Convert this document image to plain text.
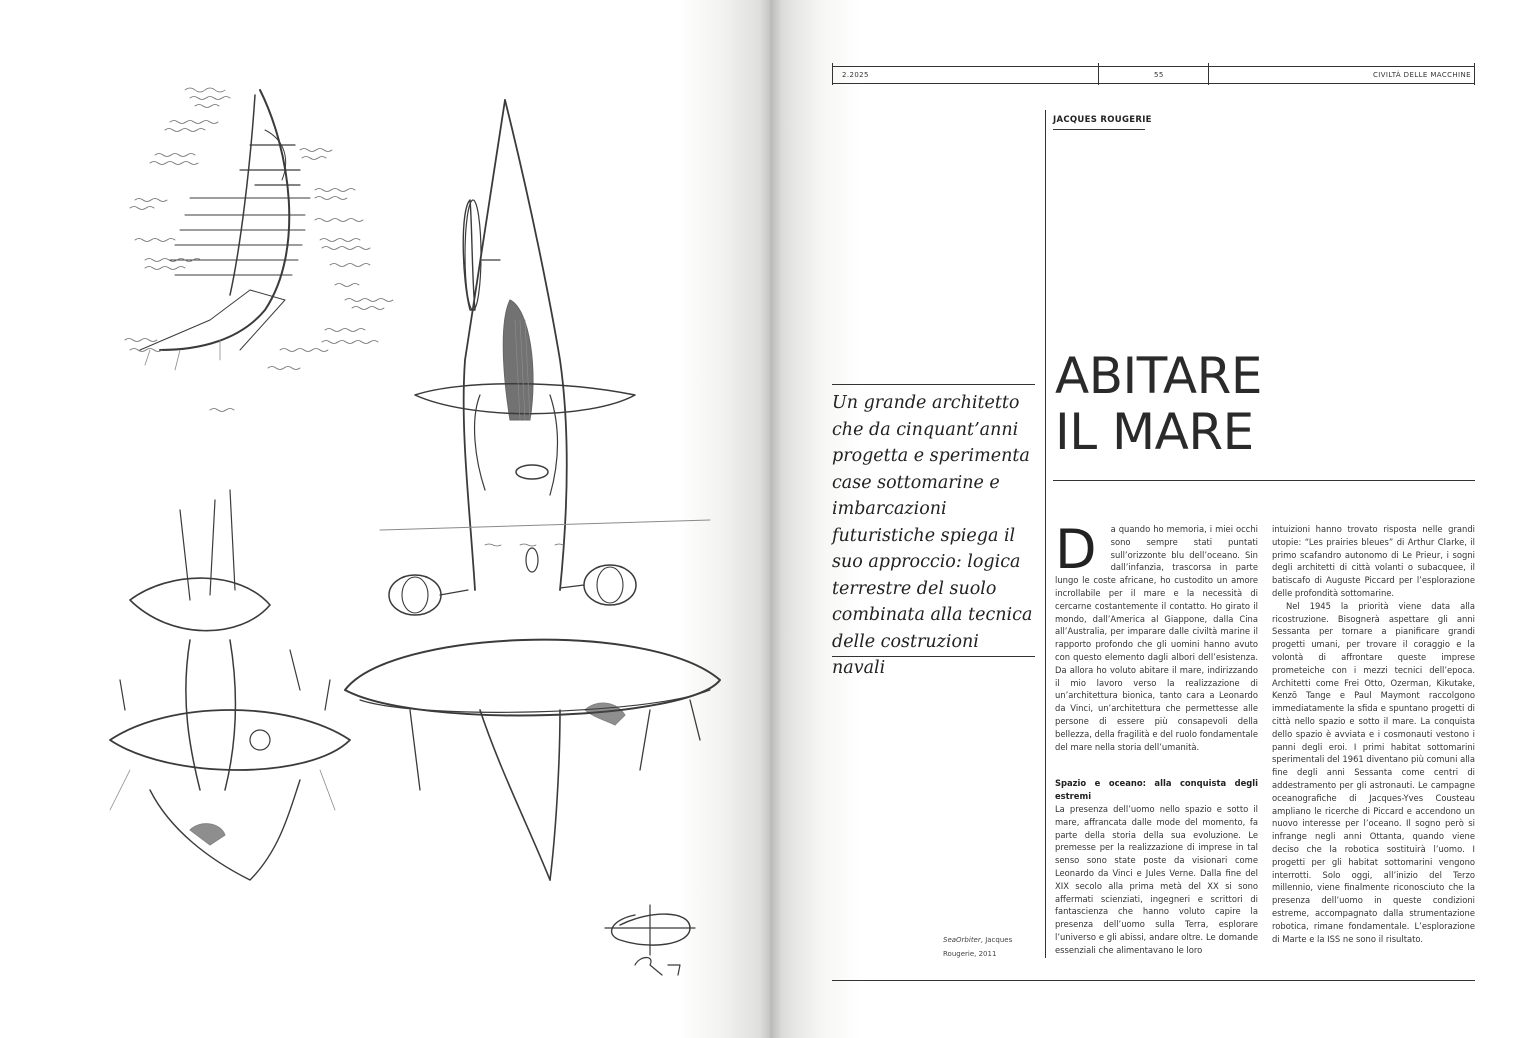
2.2025	55	CIVILTÀ DELLE MACCHINE
JACQUES ROUGERIE
Un grande architetto che da cinquant’anni progetta e sperimenta case sottomarine e imbarcazioni futuristiche spiega il suo approccio: logica terrestre del suolo combinata alla tecnica delle costruzioni navali
ABITARE
IL MARE
SeaOrbiter, Jacques Rougerie, 2011
D	a quando ho memoria, i miei occhi sono sempre stati puntati sull’orizzonte blu dell’oceano. Sin dall’infanzia, trascorsa in parte lungo le coste africane, ho custodito un amore incrollabile per il mare e la necessità di cercarne costantemente il contatto. Ho girato il mondo, dall’America al Giappone, dalla Cina all’Australia, per imparare dalle civiltà marine il rapporto profondo che gli uomini hanno avuto con questo elemento dagli albori dell’esistenza. Da allora ho voluto abitare il mare, indirizzando il mio lavoro verso la realizzazione di un’architettura bionica, tanto cara a Leonardo da Vinci, un’architettura che permettesse alle persone di essere più consapevoli della bellezza, della fragilità e del ruolo fondamentale del mare nella storia dell’umanità.

Spazio e oceano: alla conquista degli estremi

La presenza dell’uomo nello spazio e sotto il mare, affrancata dalle mode del momento, fa parte della storia della sua evoluzione. Le premesse per la realizzazione di imprese in tal senso sono state poste da visionari come Leonardo da Vinci e Jules Verne. Dalla fine del XIX secolo alla prima metà del XX si sono affermati scienziati, ingegneri e scrittori di fantascienza che hanno voluto capire la presenza dell’uomo sulla Terra, esplorare l’universo e gli abissi, andare oltre. Le domande essenziali che alimentavano le loro

intuizioni hanno trovato risposta nelle grandi utopie: “Les prairies bleues” di Arthur Clarke, il primo scafandro autonomo di Le Prieur, i sogni degli architetti di città volanti o subacquee, il batiscafo di Auguste Piccard per l’esplorazione delle profondità sottomarine.

Nel 1945 la priorità viene data alla ricostruzione. Bisognerà aspettare gli anni Sessanta per tornare a pianificare grandi progetti umani, per trovare il coraggio e la volontà di affrontare queste imprese prometeiche con i mezzi tecnici dell’epoca. Architetti come Frei Otto, Ozerman, Kikutake, Kenzō Tange e Paul Maymont raccolgono immediatamente la sfida e spuntano progetti di città nello spazio e sotto il mare. La conquista dello spazio è avviata e i cosmonauti vestono i panni degli eroi. I primi habitat sottomarini sperimentali del 1961 diventano più comuni alla fine degli anni Sessanta come centri di addestramento per gli astronauti. Le campagne oceanografiche di Jacques-Yves Cousteau ampliano le ricerche di Piccard e accendono un nuovo interesse per l’oceano. Il sogno però si infrange negli anni Ottanta, quando viene deciso che la robotica sostituirà l’uomo. I progetti per gli habitat sottomarini vengono interrotti. Solo oggi, all’inizio del Terzo millennio, viene finalmente riconosciuto che la presenza dell’uomo in queste condizioni estreme, accompagnato dalla strumentazione robotica, rimane fondamentale. L’esplorazione di Marte e la ISS ne sono il risultato.
